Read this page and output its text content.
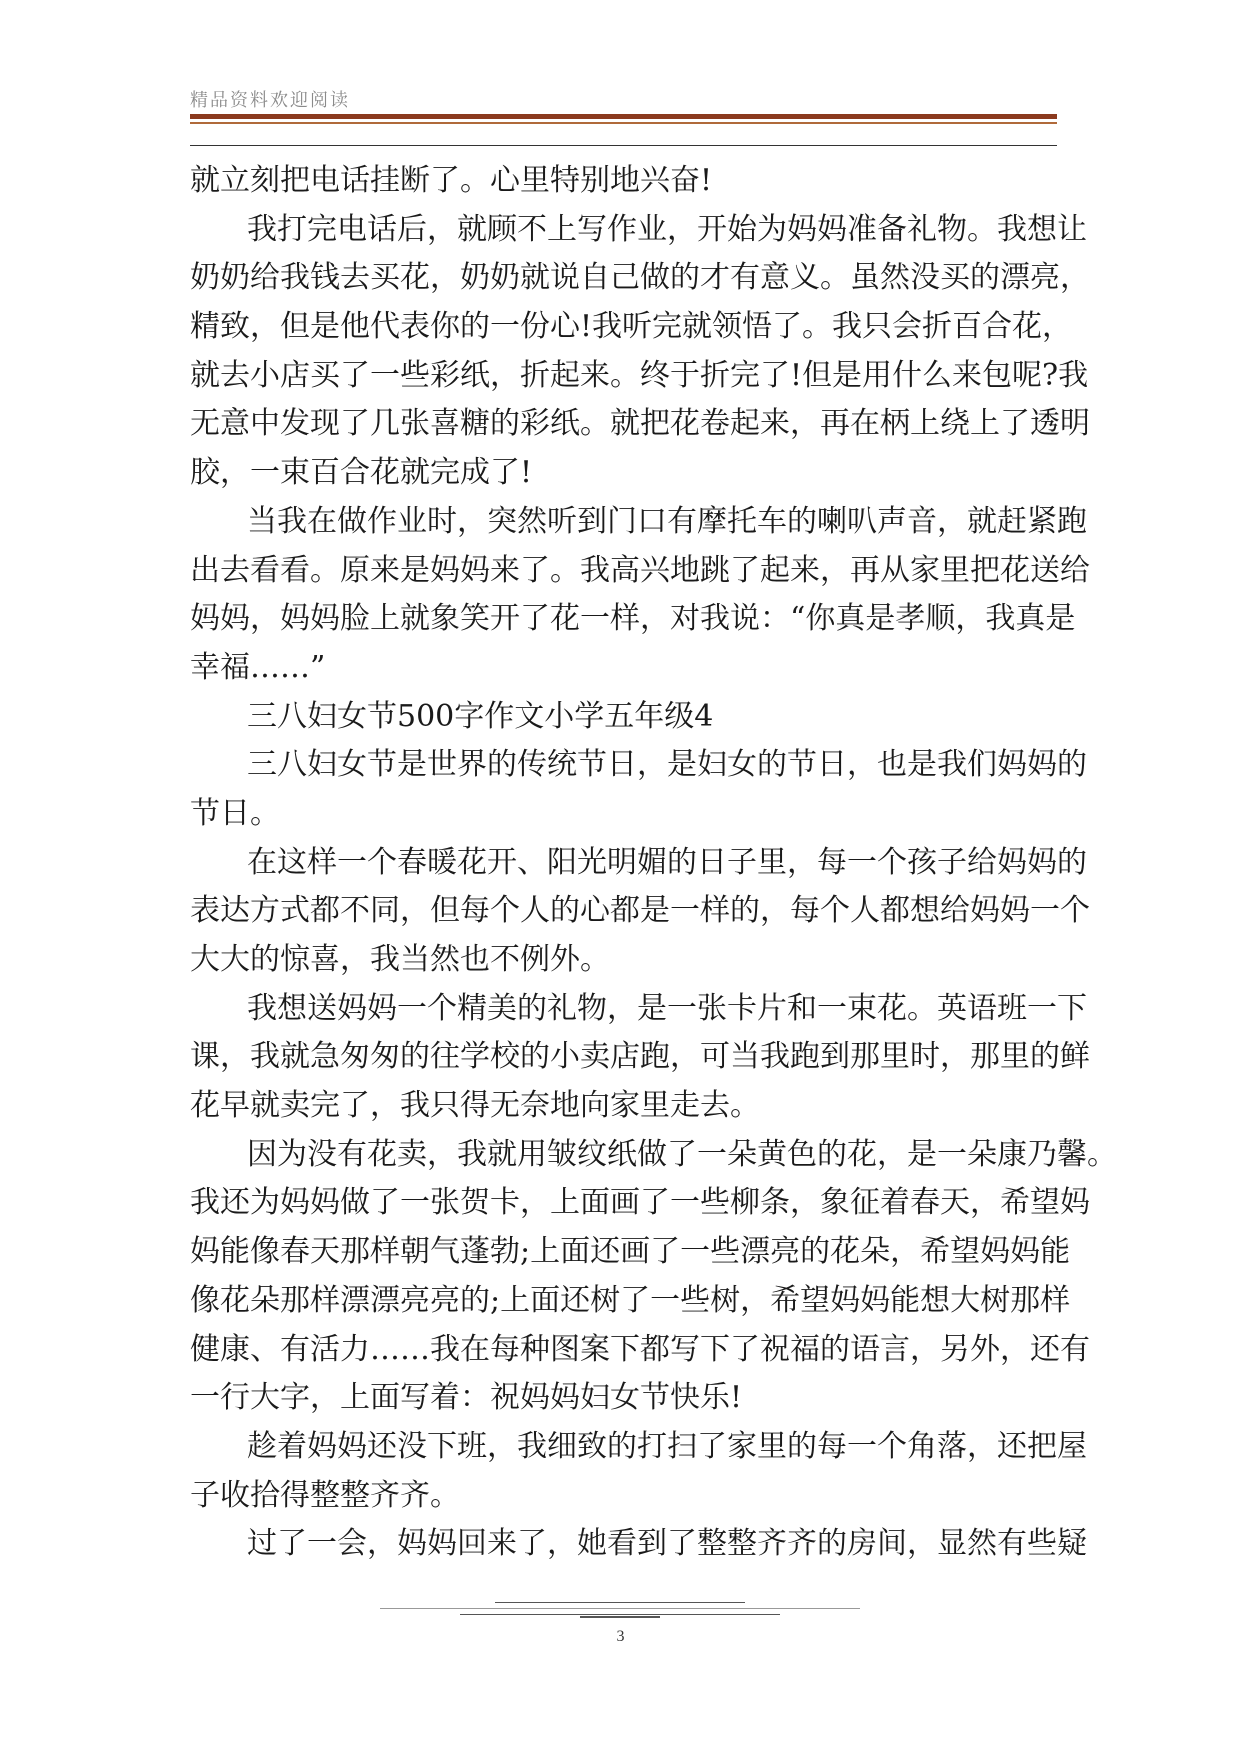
精品资料欢迎阅读
就立刻把电话挂断了。心里特别地兴奋!
我打完电话后，就顾不上写作业，开始为妈妈准备礼物。我想让
奶奶给我钱去买花，奶奶就说自己做的才有意义。虽然没买的漂亮，
精致，但是他代表你的一份心!我听完就领悟了。我只会折百合花，
就去小店买了一些彩纸，折起来。终于折完了!但是用什么来包呢?我
无意中发现了几张喜糖的彩纸。就把花卷起来，再在柄上绕上了透明
胶，一束百合花就完成了!
当我在做作业时，突然听到门口有摩托车的喇叭声音，就赶紧跑
出去看看。原来是妈妈来了。我高兴地跳了起来，再从家里把花送给
妈妈，妈妈脸上就象笑开了花一样，对我说：“你真是孝顺，我真是
幸福……”
三八妇女节500字作文小学五年级4
三八妇女节是世界的传统节日，是妇女的节日，也是我们妈妈的
节日。
在这样一个春暖花开、阳光明媚的日子里，每一个孩子给妈妈的
表达方式都不同，但每个人的心都是一样的，每个人都想给妈妈一个
大大的惊喜，我当然也不例外。
我想送妈妈一个精美的礼物，是一张卡片和一束花。英语班一下
课，我就急匆匆的往学校的小卖店跑，可当我跑到那里时，那里的鲜
花早就卖完了，我只得无奈地向家里走去。
因为没有花卖，我就用皱纹纸做了一朵黄色的花，是一朵康乃馨。
我还为妈妈做了一张贺卡，上面画了一些柳条，象征着春天，希望妈
妈能像春天那样朝气蓬勃;上面还画了一些漂亮的花朵，希望妈妈能
像花朵那样漂漂亮亮的;上面还树了一些树，希望妈妈能想大树那样
健康、有活力……我在每种图案下都写下了祝福的语言，另外，还有
一行大字，上面写着：祝妈妈妇女节快乐!
趁着妈妈还没下班，我细致的打扫了家里的每一个角落，还把屋
子收拾得整整齐齐。
过了一会，妈妈回来了，她看到了整整齐齐的房间，显然有些疑
3
